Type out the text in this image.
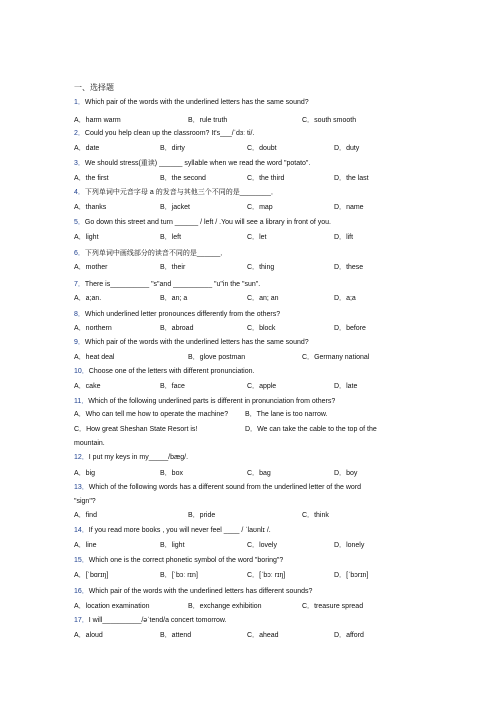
一、选择题
1．Which pair of the words with the underlined letters has the same sound?
A．harm warm	B．rule truth	C．south smooth
2．Could you help clean up the classroom? It's___/ˈdɜː ti/.
A．date	B．dirty	C．doubt	D．duty
3．We should stress(重读) ______ syllable when we read the word "potato".
A．the first	B．the second	C．the third	D．the last
4．下列单词中元音字母 a 的发音与其他三个不同的是________．
A．thanks	B．jacket	C．map	D．name
5．Go down this street and turn ______ / left / .You will see a library in front of you.
A．light	B．left	C．let	D．lift
6．下列单词中画线部分的读音不同的是______．
A．mother	B．their	C．thing	D．these
7．There is__________ "s"and __________ "u"in the "sun".
A．a;an.	B．an; a	C．an; an	D．a;a
8．Which underlined letter pronounces differently from the others?
A．northern	B．abroad	C．block	D．before
9．Which pair of the words with the underlined letters has the same sound?
A．heat deal	B．glove postman	C．Germany national
10．Choose one of the letters with different pronunciation.
A．cake	B．face	C．apple	D．late
11．Which of the following underlined parts is different in pronunciation from others?
A．Who can tell me how to operate the machine? B．The lane is too narrow.
C．How great Sheshan State Resort is!	D．We can take the cable to the top of the
mountain.
12．I put my keys in my_____/bæg/.
A．big	B．box	C．bag	D．boy
13．Which of the following words has a different sound from the underlined letter of the word
"sign"?
A．find	B．pride	C．think
14．If you read more books , you will never feel ____ / ˈlaʊnlɪ /.
A．line	B．light	C．lovely	D．lonely
15．Which one is the correct phonetic symbol of the word "boring"?
A．[ˈbɑrɪŋ]	B．[ˈbɔː rɪn]	C．[ˈbɔː rɪŋ]	D．[ˈbɔrɪn]
16．Which pair of the words with the underlined letters has different sounds?
A．location examination	B．exchange exhibition	C．treasure spread
17．I will__________/əˈtend/a concert tomorrow.
A．aloud	B．attend	C．ahead	D．afford
